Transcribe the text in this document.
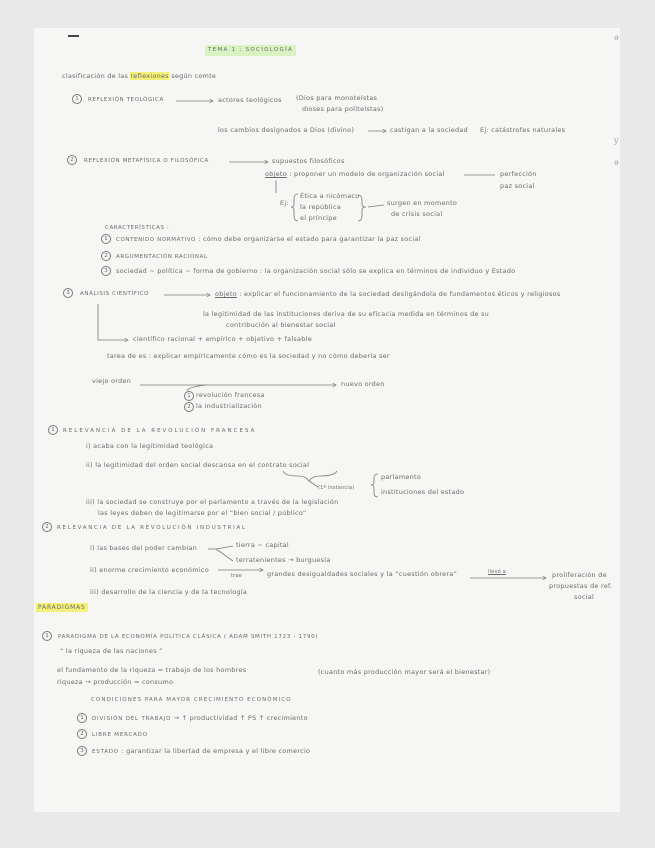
ǝ
y
ǝ
TEMA 1 : SOCIOLOGÍA
clasificación de las reflexiones según comte
1	REFLEXIÓN TEOLÓGICA	actores teológicos (Dios para monoteístas
dioses para politeístas)
los cambios designados a Dios (divino)	castigan a la sociedad Ej: catástrofes naturales
2	REFLEXIÓN METAFÍSICA O FILOSÓFICA	supuestos filosóficos
objeto : proponer un modelo de organización social	perfección
paz social
Ej:
Ética a nicómaco
la república
el príncipe
surgen en momento
de crisis social
CARACTERÍSTICAS :
1	CONTENIDO NORMATIVO : cómo debe organizarse el estado para garantizar la paz social
2	ARGUMENTACIÓN RACIONAL
3	sociedad ~ política ~ forma de gobierno : la organización social sólo se explica en términos de individuo y Estado
3	ANÁLISIS CIENTÍFICO	objeto : explicar el funcionamiento de la sociedad desligándola de fundamentos éticos y religiosos
la legitimidad de las instituciones deriva de su eficacia medida en términos de su
contribución al bienestar social
científico racional + empírico + objetivo + falsable
tarea de es : explicar empíricamente cómo es la sociedad y no cómo debería ser
viejo orden	nuevo orden
1 revolución francesa
2 la industrialización
1	RELEVANCIA DE LA REVOLUCIÓN FRANCESA
i) acaba con la legitimidad teológica
ii) la legitimidad del orden social descansa en el contrato social
(1ª instancia)
parlamento
instituciones del estado
iii) la sociedad se construye por el parlamento a través de la legislación
las leyes deben de legitimarse por el “bien social / público”
2	RELEVANCIA DE LA REVOLUCIÓN INDUSTRIAL
i) las bases del poder cambian	tierra ~ capital
terratenientes → burguesía
ii) enorme crecimiento económico
trae	grandes desigualdades sociales y la “cuestión obrera”	llevó a	proliferación de
propuestas de ref.
social
iii) desarrollo de la ciencia y de la tecnología
PARADIGMAS
1	PARADIGMA DE LA ECONOMÍA POLÍTICA CLÁSICA ( ADAM SMITH 1723 - 1790)
“ la riqueza de las naciones ”
el fundamento de la riqueza = trabajo de los hombres	(cuanto más producción mayor será el bienestar)
riqueza → producción = consumo
CONDICIONES PARA MAYOR CRECIMIENTO ECONÓMICO
1	DIVISIÓN DEL TRABAJO → ↑ productividad ↑ PS ↑ crecimiento
2	LIBRE MERCADO
3	ESTADO : garantizar la libertad de empresa y el libre comercio
